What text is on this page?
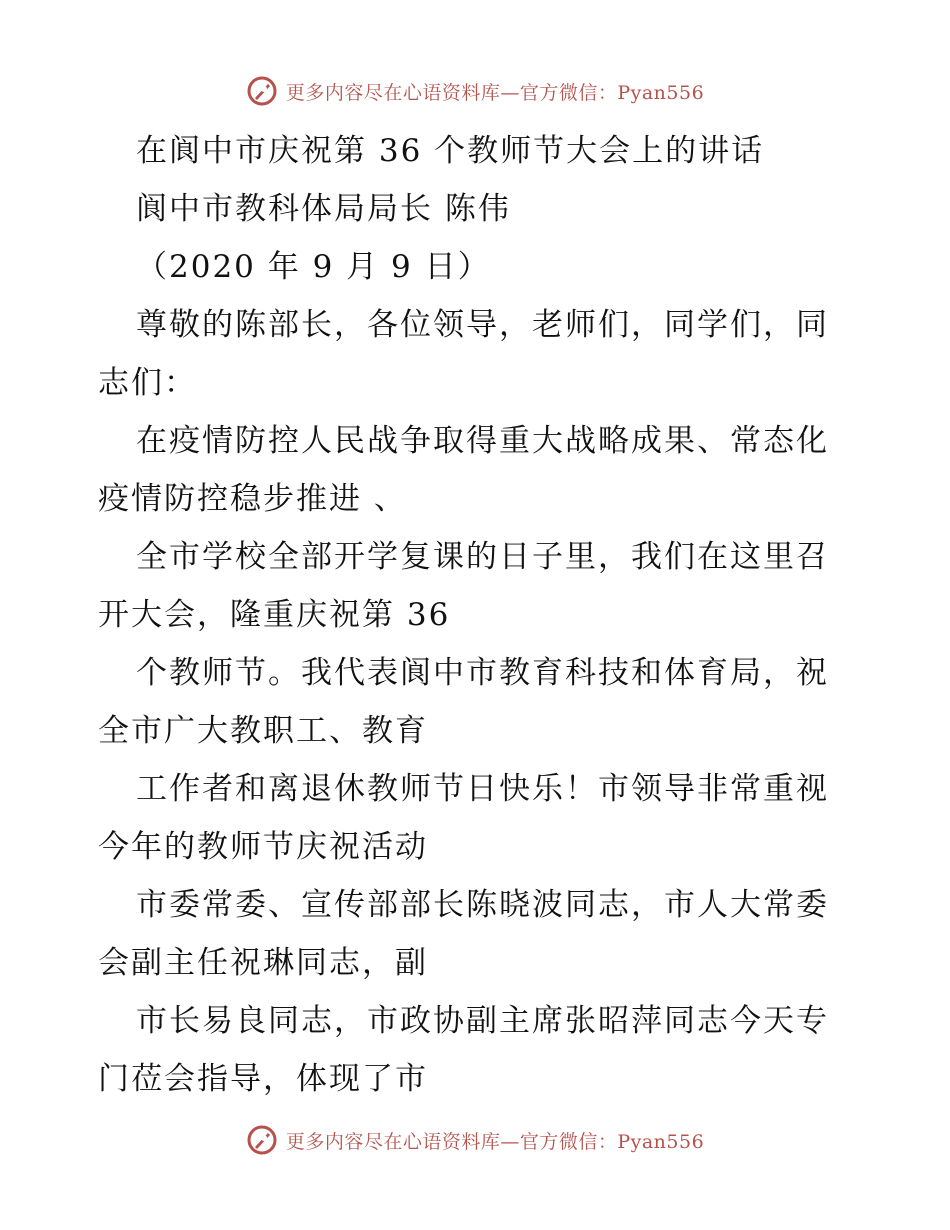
更多内容尽在心语资料库—官方微信：Pyan556
在阆中市庆祝第 36 个教师节大会上的讲话
阆中市教科体局局长 陈伟
（2020 年 9 月 9 日）
尊敬的陈部长，各位领导，老师们，同学们，同
志们：
在疫情防控人民战争取得重大战略成果、常态化
疫情防控稳步推进 、
全市学校全部开学复课的日子里，我们在这里召
开大会，隆重庆祝第 36
个教师节。我代表阆中市教育科技和体育局，祝
全市广大教职工、教育
工作者和离退休教师节日快乐！市领导非常重视
今年的教师节庆祝活动
市委常委、宣传部部长陈晓波同志，市人大常委
会副主任祝琳同志，副
市长易良同志，市政协副主席张昭萍同志今天专
门莅会指导，体现了市
更多内容尽在心语资料库—官方微信：Pyan556
